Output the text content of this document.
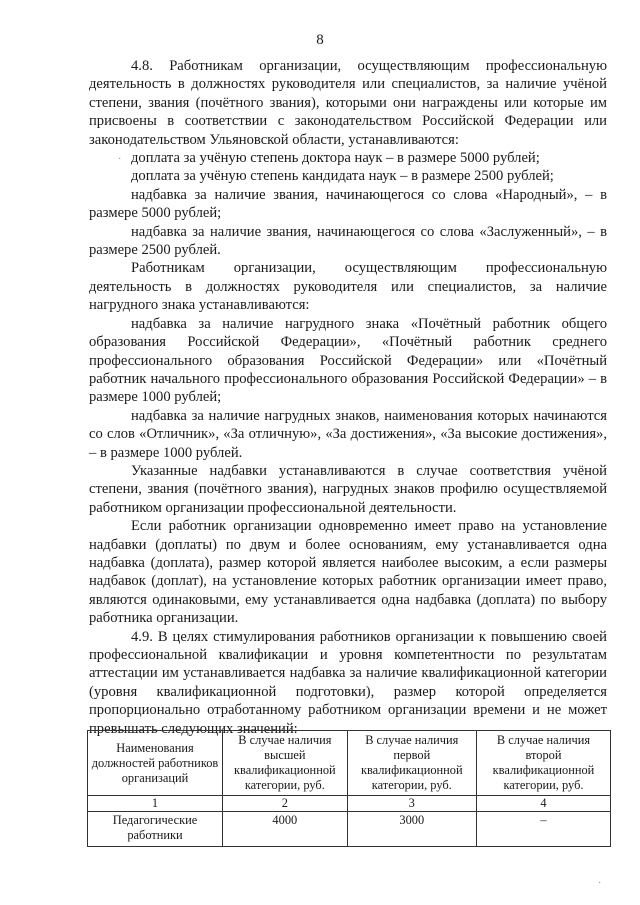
8
·
·

4.8. Работникам организации, осуществляющим профессиональную деятельность в должностях руководителя или специалистов, за наличие учёной степени, звания (почётного звания), которыми они награждены или которые им присвоены в соответствии с законодательством Российской Федерации или законодательством Ульяновской области, устанавливаются:

доплата за учёную степень доктора наук – в размере 5000 рублей;

доплата за учёную степень кандидата наук – в размере 2500 рублей;

надбавка за наличие звания, начинающегося со слова «Народный», – в размере 5000 рублей;

надбавка за наличие звания, начинающегося со слова «Заслуженный», – в размере 2500 рублей.

Работникам организации, осуществляющим профессиональную деятельность в должностях руководителя или специалистов, за наличие нагрудного знака устанавливаются:

надбавка за наличие нагрудного знака «Почётный работник общего образования Российской Федерации», «Почётный работник среднего профессионального образования Российской Федерации» или «Почётный работник начального профессионального образования Российской Федерации» – в размере 1000 рублей;

надбавка за наличие нагрудных знаков, наименования которых начинаются со слов «Отличник», «За отличную», «За достижения», «За высокие достижения», – в размере 1000 рублей.

Указанные надбавки устанавливаются в случае соответствия учёной степени, звания (почётного звания), нагрудных знаков профилю осуществляемой работником организации профессиональной деятельности.

Если работник организации одновременно имеет право на установление надбавки (доплаты) по двум и более основаниям, ему устанавливается одна надбавка (доплата), размер которой является наиболее высоким, а если размеры надбавок (доплат), на установление которых работник организации имеет право, являются одинаковыми, ему устанавливается одна надбавка (доплата) по выбору работника организации.

4.9. В целях стимулирования работников организации к повышению своей профессиональной квалификации и уровня компетентности по результатам аттестации им устанавливается надбавка за наличие квалификационной категории (уровня квалификационной подготовки), размер которой определяется пропорционально отработанному работником организации времени и не может превышать следующих значений:

Наименования должностей работников организаций	В случае наличия высшей квалификационной категории, руб.	В случае наличия первой квалификационной категории, руб.	В случае наличия второй квалификационной категории, руб.
1	2	3	4
Педагогические работники	4000	3000	–
